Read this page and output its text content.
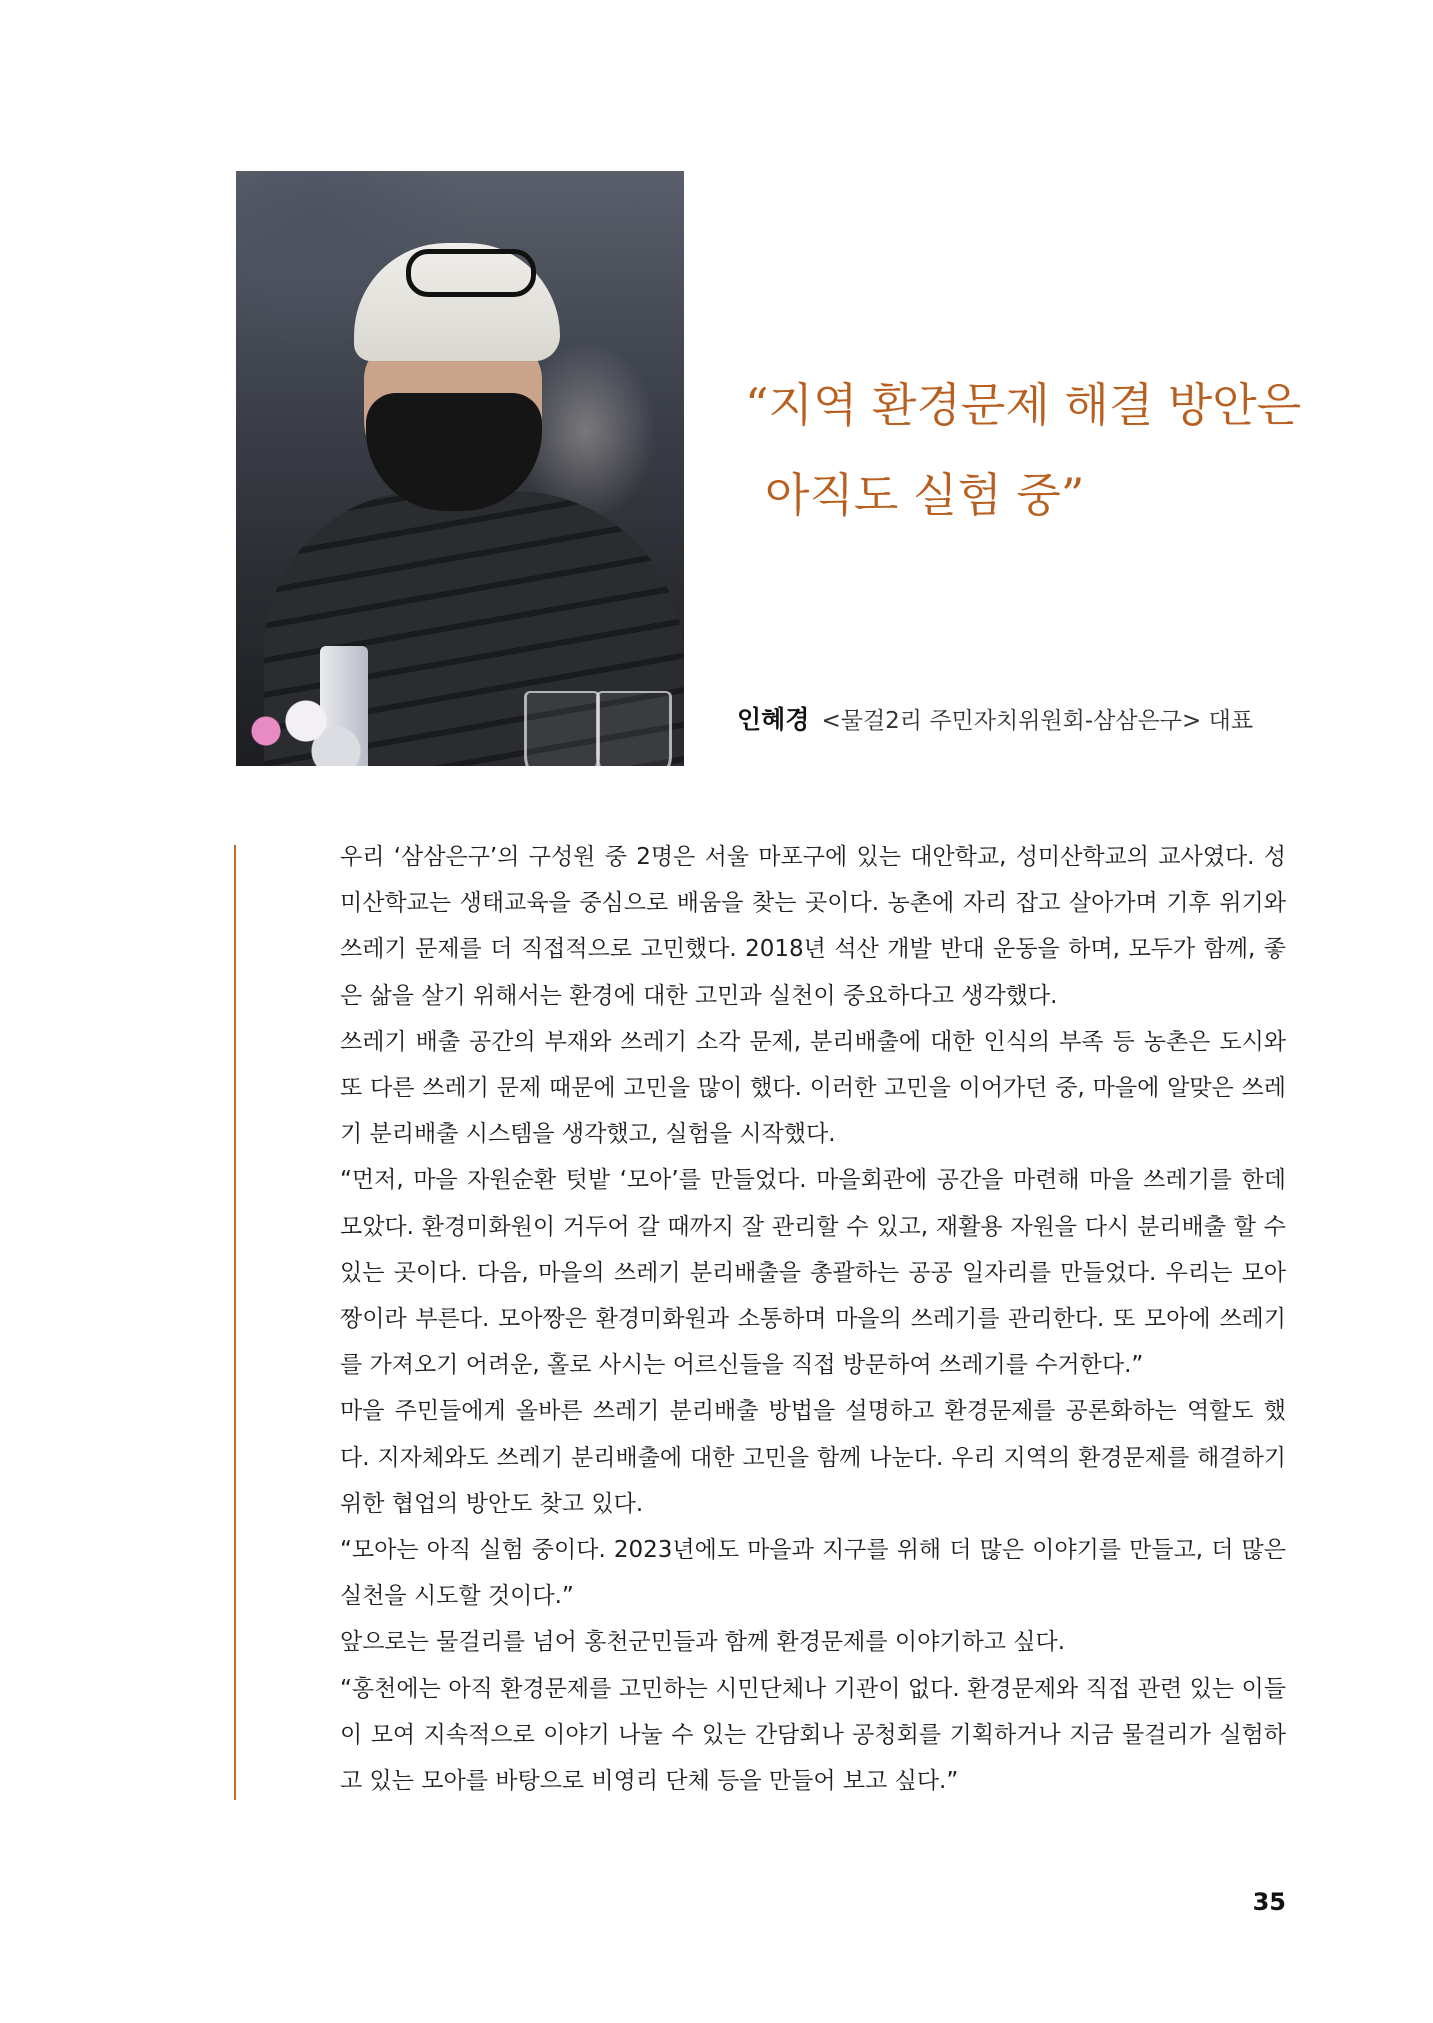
“지역 환경문제 해결 방안은
아직도 실험 중”
인혜경 <물걸2리 주민자치위원회-삼삼은구> 대표

우리 ‘삼삼은구’의 구성원 중 2명은 서울 마포구에 있는 대안학교, 성미산학교의 교사였다. 성미산학교는 생태교육을 중심으로 배움을 찾는 곳이다. 농촌에 자리 잡고 살아가며 기후 위기와 쓰레기 문제를 더 직접적으로 고민했다. 2018년 석산 개발 반대 운동을 하며, 모두가 함께, 좋은 삶을 살기 위해서는 환경에 대한 고민과 실천이 중요하다고 생각했다.

쓰레기 배출 공간의 부재와 쓰레기 소각 문제, 분리배출에 대한 인식의 부족 등 농촌은 도시와 또 다른 쓰레기 문제 때문에 고민을 많이 했다. 이러한 고민을 이어가던 중, 마을에 알맞은 쓰레기 분리배출 시스템을 생각했고, 실험을 시작했다.

“먼저, 마을 자원순환 텃밭 ‘모아’를 만들었다. 마을회관에 공간을 마련해 마을 쓰레기를 한데 모았다. 환경미화원이 거두어 갈 때까지 잘 관리할 수 있고, 재활용 자원을 다시 분리배출 할 수 있는 곳이다. 다음, 마을의 쓰레기 분리배출을 총괄하는 공공 일자리를 만들었다. 우리는 모아짱이라 부른다. 모아짱은 환경미화원과 소통하며 마을의 쓰레기를 관리한다. 또 모아에 쓰레기를 가져오기 어려운, 홀로 사시는 어르신들을 직접 방문하여 쓰레기를 수거한다.”

마을 주민들에게 올바른 쓰레기 분리배출 방법을 설명하고 환경문제를 공론화하는 역할도 했다. 지자체와도 쓰레기 분리배출에 대한 고민을 함께 나눈다. 우리 지역의 환경문제를 해결하기 위한 협업의 방안도 찾고 있다.

“모아는 아직 실험 중이다. 2023년에도 마을과 지구를 위해 더 많은 이야기를 만들고, 더 많은 실천을 시도할 것이다.”

앞으로는 물걸리를 넘어 홍천군민들과 함께 환경문제를 이야기하고 싶다.

“홍천에는 아직 환경문제를 고민하는 시민단체나 기관이 없다. 환경문제와 직접 관련 있는 이들이 모여 지속적으로 이야기 나눌 수 있는 간담회나 공청회를 기획하거나 지금 물걸리가 실험하고 있는 모아를 바탕으로 비영리 단체 등을 만들어 보고 싶다.”

35
